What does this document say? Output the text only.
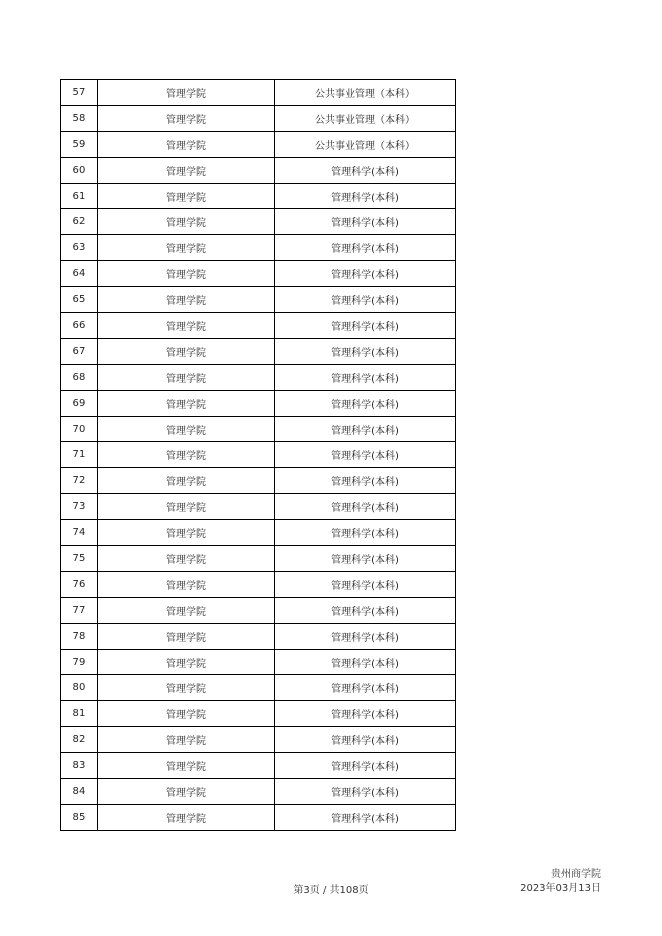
57	管理学院	公共事业管理（本科）
58	管理学院	公共事业管理（本科）
59	管理学院	公共事业管理（本科）
60	管理学院	管理科学(本科)
61	管理学院	管理科学(本科)
62	管理学院	管理科学(本科)
63	管理学院	管理科学(本科)
64	管理学院	管理科学(本科)
65	管理学院	管理科学(本科)
66	管理学院	管理科学(本科)
67	管理学院	管理科学(本科)
68	管理学院	管理科学(本科)
69	管理学院	管理科学(本科)
70	管理学院	管理科学(本科)
71	管理学院	管理科学(本科)
72	管理学院	管理科学(本科)
73	管理学院	管理科学(本科)
74	管理学院	管理科学(本科)
75	管理学院	管理科学(本科)
76	管理学院	管理科学(本科)
77	管理学院	管理科学(本科)
78	管理学院	管理科学(本科)
79	管理学院	管理科学(本科)
80	管理学院	管理科学(本科)
81	管理学院	管理科学(本科)
82	管理学院	管理科学(本科)
83	管理学院	管理科学(本科)
84	管理学院	管理科学(本科)
85	管理学院	管理科学(本科)
第3页 / 共108页
贵州商学院
2023年03月13日
